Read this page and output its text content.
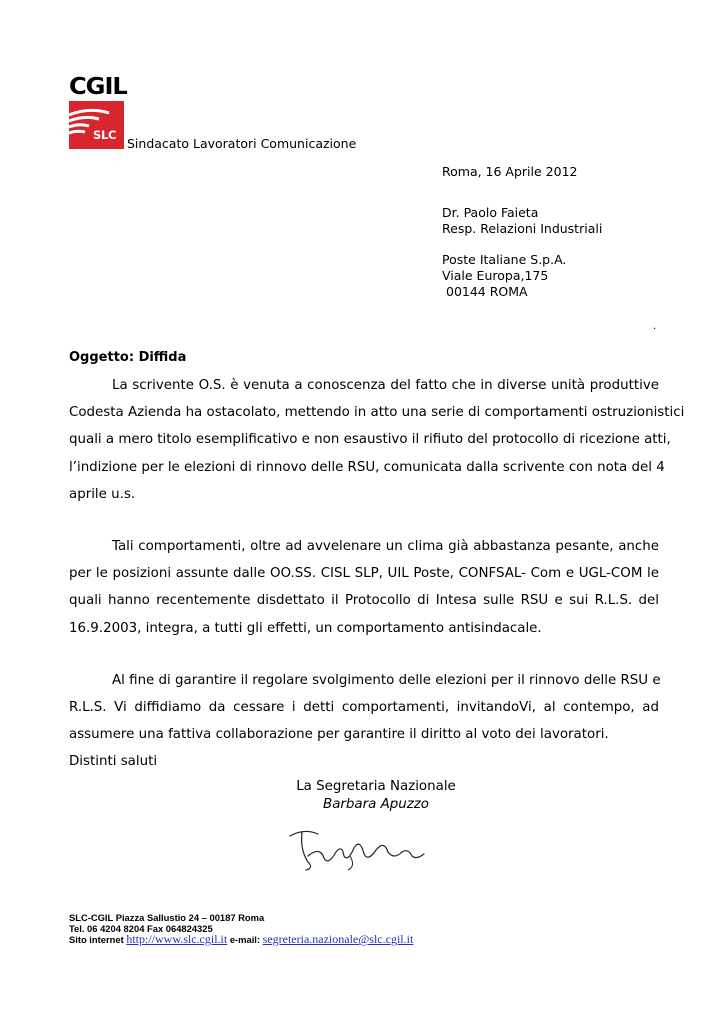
CGIL
SLC
Sindacato Lavoratori Comunicazione
Roma, 16 Aprile 2012
Dr. Paolo Faieta
Resp. Relazioni Industriali
Poste Italiane S.p.A.
Viale Europa,175
00144 ROMA
.
Oggetto: Diffida
La scrivente O.S. è venuta a conoscenza del fatto che in diverse unità produttive
Codesta Azienda ha ostacolato, mettendo in atto una serie di comportamenti ostruzionistici
quali a mero titolo esemplificativo e non esaustivo il rifiuto del protocollo di ricezione atti,
l’indizione per le elezioni di rinnovo delle RSU, comunicata dalla scrivente con nota del 4
aprile u.s.
Tali comportamenti, oltre ad avvelenare un clima già abbastanza pesante, anche
per le posizioni assunte dalle OO.SS. CISL SLP, UIL Poste, CONFSAL- Com e UGL-COM le
quali hanno recentemente disdettato il Protocollo di Intesa sulle RSU e sui R.L.S. del
16.9.2003, integra, a tutti gli effetti, un comportamento antisindacale.
Al fine di garantire il regolare svolgimento delle elezioni per il rinnovo delle RSU e
R.L.S. Vi diffidiamo da cessare i detti comportamenti, invitandoVi, al contempo, ad
assumere una fattiva collaborazione per garantire il diritto al voto dei lavoratori.
Distinti saluti
La Segretaria Nazionale
Barbara Apuzzo
SLC-CGIL Piazza Sallustio 24 – 00187 Roma
Tel. 06 4204 8204 Fax 064824325
Sito internet http://www.slc.cgil.it e-mail: segreteria.nazionale@slc.cgil.it
